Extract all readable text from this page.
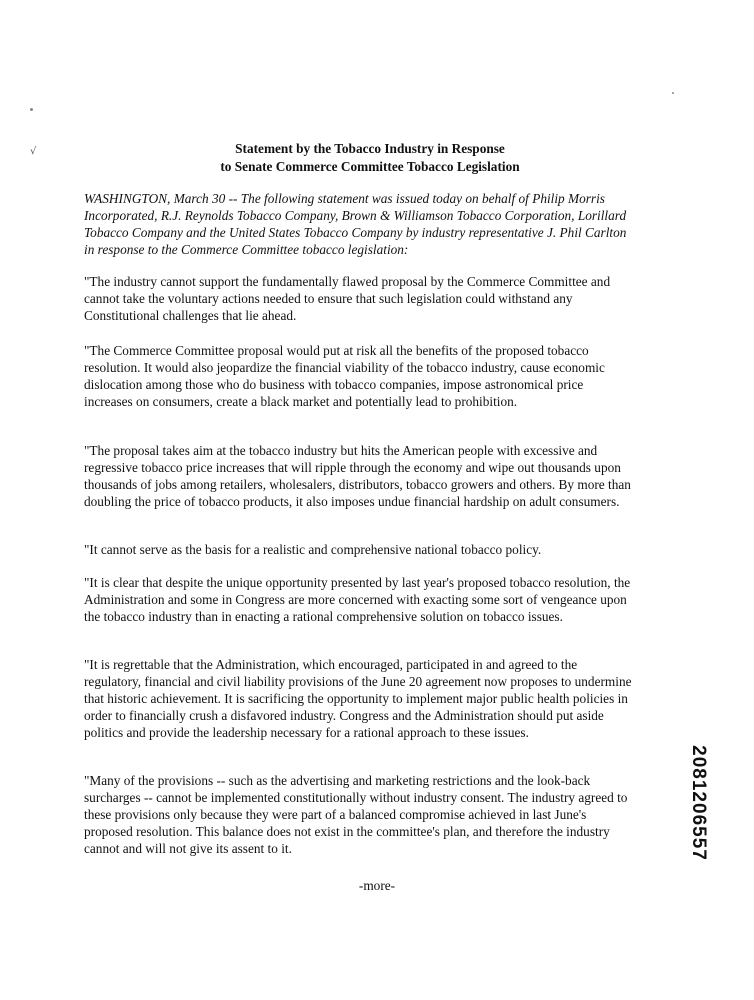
√	Statement by the Tobacco Industry in Response
to Senate Commerce Committee Tobacco Legislation

WASHINGTON, March 30 -- The following statement was issued today on behalf of Philip Morris Incorporated, R.J. Reynolds Tobacco Company, Brown & Williamson Tobacco Corporation, Lorillard Tobacco Company and the United States Tobacco Company by industry representative J. Phil Carlton in response to the Commerce Committee tobacco legislation:

"The industry cannot support the fundamentally flawed proposal by the Commerce Committee and cannot take the voluntary actions needed to ensure that such legislation could withstand any Constitutional challenges that lie ahead.

"The Commerce Committee proposal would put at risk all the benefits of the proposed tobacco resolution. It would also jeopardize the financial viability of the tobacco industry, cause economic dislocation among those who do business with tobacco companies, impose astronomical price increases on consumers, create a black market and potentially lead to prohibition.

"The proposal takes aim at the tobacco industry but hits the American people with excessive and regressive tobacco price increases that will ripple through the economy and wipe out thousands upon thousands of jobs among retailers, wholesalers, distributors, tobacco growers and others. By more than doubling the price of tobacco products, it also imposes undue financial hardship on adult consumers.

"It cannot serve as the basis for a realistic and comprehensive national tobacco policy.

"It is clear that despite the unique opportunity presented by last year's proposed tobacco resolution, the Administration and some in Congress are more concerned with exacting some sort of vengeance upon the tobacco industry than in enacting a rational comprehensive solution on tobacco issues.

"It is regrettable that the Administration, which encouraged, participated in and agreed to the regulatory, financial and civil liability provisions of the June 20 agreement now proposes to undermine that historic achievement. It is sacrificing the opportunity to implement major public health policies in order to financially crush a disfavored industry. Congress and the Administration should put aside politics and provide the leadership necessary for a rational approach to these issues.

"Many of the provisions -- such as the advertising and marketing restrictions and the look-back surcharges -- cannot be implemented constitutionally without industry consent. The industry agreed to these provisions only because they were part of a balanced compromise achieved in last June's proposed resolution. This balance does not exist in the committee's plan, and therefore the industry cannot and will not give its assent to it.

-more-
2081206557
